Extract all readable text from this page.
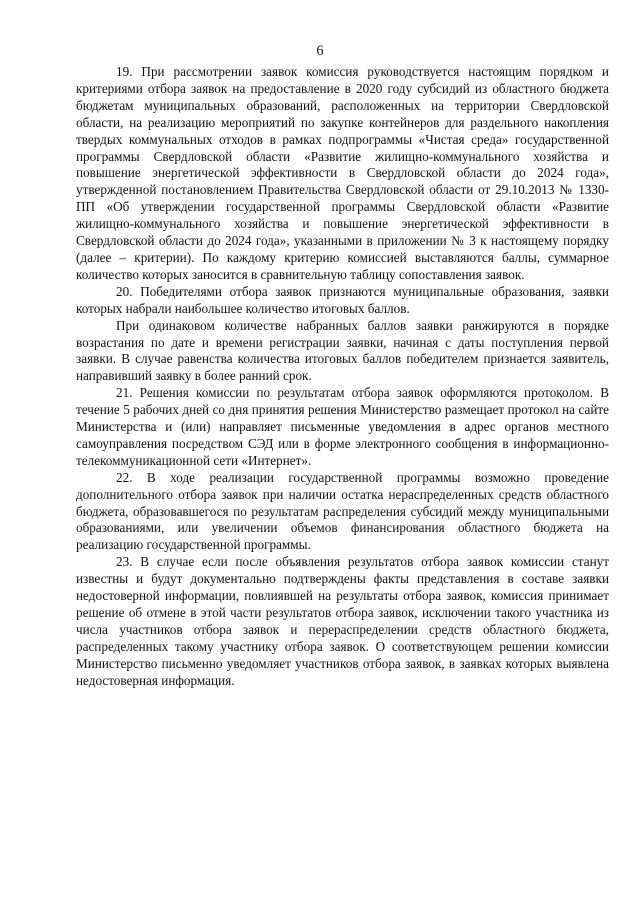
6

19. При рассмотрении заявок комиссия руководствуется настоящим порядком и критериями отбора заявок на предоставление в 2020 году субсидий из областного бюджета бюджетам муниципальных образований, расположенных на территории Свердловской области, на реализацию мероприятий по закупке контейнеров для раздельного накопления твердых коммунальных отходов в рамках подпрограммы «Чистая среда» государственной программы Свердловской области «Развитие жилищно-коммунального хозяйства и повышение энергетической эффективности в Свердловской области до 2024 года», утвержденной постановлением Правительства Свердловской области от 29.10.2013 № 1330-ПП «Об утверждении государственной программы Свердловской области «Развитие жилищно-коммунального хозяйства и повышение энергетической эффективности в Свердловской области до 2024 года», указанными в приложении № 3 к настоящему порядку (далее – критерии). По каждому критерию комиссией выставляются баллы, суммарное количество которых заносится в сравнительную таблицу сопоставления заявок.

20. Победителями отбора заявок признаются муниципальные образования, заявки которых набрали наибольшее количество итоговых баллов.

При одинаковом количестве набранных баллов заявки ранжируются в порядке возрастания по дате и времени регистрации заявки, начиная с даты поступления первой заявки. В случае равенства количества итоговых баллов победителем признается заявитель, направивший заявку в более ранний срок.

21. Решения комиссии по результатам отбора заявок оформляются протоколом. В течение 5 рабочих дней со дня принятия решения Министерство размещает протокол на сайте Министерства и (или) направляет письменные уведомления в адрес органов местного самоуправления посредством СЭД или в форме электронного сообщения в информационно-телекоммуникационной сети «Интернет».

22. В ходе реализации государственной программы возможно проведение дополнительного отбора заявок при наличии остатка нераспределенных средств областного бюджета, образовавшегося по результатам распределения субсидий между муниципальными образованиями, или увеличении объемов финансирования областного бюджета на реализацию государственной программы.

23. В случае если после объявления результатов отбора заявок комиссии станут известны и будут документально подтверждены факты представления в составе заявки недостоверной информации, повлиявшей на результаты отбора заявок, комиссия принимает решение об отмене в этой части результатов отбора заявок, исключении такого участника из числа участников отбора заявок и перераспределении средств областного бюджета, распределенных такому участнику отбора заявок. О соответствующем решении комиссии Министерство письменно уведомляет участников отбора заявок, в заявках которых выявлена недостоверная информация.
